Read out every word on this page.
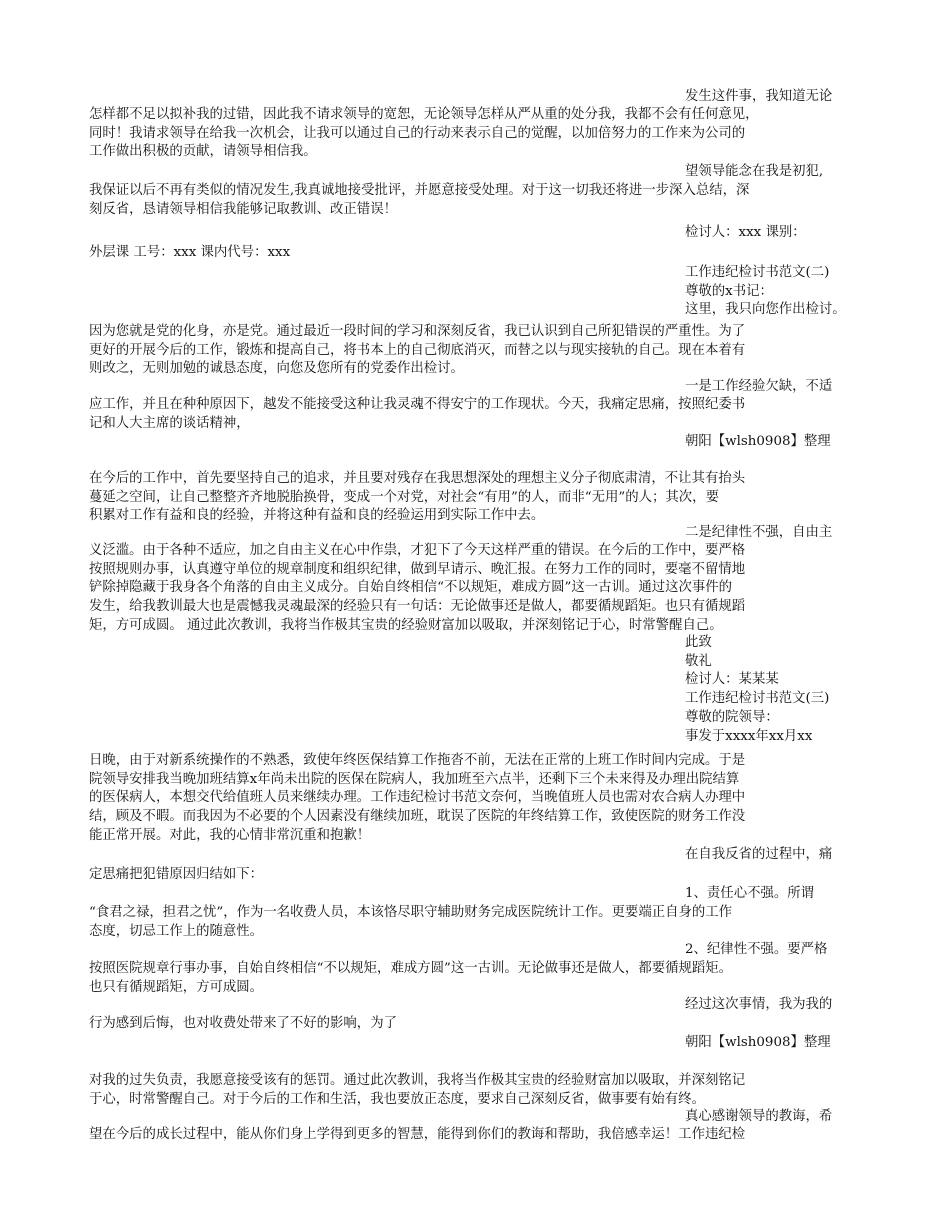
发生这件事，我知道无论
怎样都不足以拟补我的过错，因此我不请求领导的宽恕，无论领导怎样从严从重的处分我，我都不会有任何意见，
同时！我请求领导在给我一次机会，让我可以通过自己的行动来表示自己的觉醒，以加倍努力的工作来为公司的
工作做出积极的贡献，请领导相信我。
望领导能念在我是初犯,
我保证以后不再有类似的情况发生,我真诚地接受批评，并愿意接受处理。对于这一切我还将进一步深入总结，深
刻反省，恳请领导相信我能够记取教训、改正错误！
检讨人：xxx 课别：
外层课 工号：xxx 课内代号：xxx
工作违纪检讨书范文(二)
尊敬的x书记：
这里，我只向您作出检讨。
因为您就是党的化身，亦是党。通过最近一段时间的学习和深刻反省，我已认识到自己所犯错误的严重性。为了
更好的开展今后的工作，锻炼和提高自己，将书本上的自己彻底消灭，而替之以与现实接轨的自己。现在本着有
则改之，无则加勉的诚恳态度，向您及您所有的党委作出检讨。
一是工作经验欠缺，不适
应工作，并且在种种原因下，越发不能接受这种让我灵魂不得安宁的工作现状。今天，我痛定思痛，按照纪委书
记和人大主席的谈话精神，
朝阳【wlsh0908】整理
在今后的工作中，首先要坚持自己的追求，并且要对残存在我思想深处的理想主义分子彻底肃清，不让其有抬头
蔓延之空间，让自己整整齐齐地脱胎换骨，变成一个对党，对社会“有用”的人，而非“无用”的人；其次，要
积累对工作有益和良的经验，并将这种有益和良的经验运用到实际工作中去。
二是纪律性不强，自由主
义泛滥。由于各种不适应，加之自由主义在心中作祟，才犯下了今天这样严重的错误。在今后的工作中，要严格
按照规则办事，认真遵守单位的规章制度和组织纪律，做到早请示、晚汇报。在努力工作的同时，要毫不留情地
铲除掉隐藏于我身各个角落的自由主义成分。自始自终相信“不以规矩，难成方圆”这一古训。通过这次事件的
发生，给我教训最大也是震憾我灵魂最深的经验只有一句话：无论做事还是做人，都要循规蹈矩。也只有循规蹈
矩，方可成圆。 通过此次教训，我将当作极其宝贵的经验财富加以吸取，并深刻铭记于心，时常警醒自己。
此致
敬礼
检讨人：某某某
工作违纪检讨书范文(三)
尊敬的院领导：
事发于xxxx年xx月xx
日晚，由于对新系统操作的不熟悉，致使年终医保结算工作拖沓不前，无法在正常的上班工作时间内完成。于是
院领导安排我当晚加班结算x年尚未出院的医保在院病人，我加班至六点半，还剩下三个未来得及办理出院结算
的医保病人，本想交代给值班人员来继续办理。工作违纪检讨书范文奈何，当晚值班人员也需对农合病人办理中
结，顾及不暇。而我因为不必要的个人因素没有继续加班，耽误了医院的年终结算工作，致使医院的财务工作没
能正常开展。对此，我的心情非常沉重和抱歉！
在自我反省的过程中，痛
定思痛把犯错原因归结如下：
1、责任心不强。所谓
“食君之禄，担君之忧”，作为一名收费人员，本该恪尽职守辅助财务完成医院统计工作。更要端正自身的工作
态度，切忌工作上的随意性。
2、纪律性不强。要严格
按照医院规章行事办事，自始自终相信“不以规矩，难成方圆”这一古训。无论做事还是做人，都要循规蹈矩。
也只有循规蹈矩，方可成圆。
经过这次事情，我为我的
行为感到后悔，也对收费处带来了不好的影响，为了
朝阳【wlsh0908】整理
对我的过失负责，我愿意接受该有的惩罚。通过此次教训，我将当作极其宝贵的经验财富加以吸取，并深刻铭记
于心，时常警醒自己。对于今后的工作和生活，我也要放正态度，要求自己深刻反省，做事要有始有终。
真心感谢领导的教诲，希
望在今后的成长过程中，能从你们身上学得到更多的智慧，能得到你们的教诲和帮助，我倍感幸运！工作违纪检
